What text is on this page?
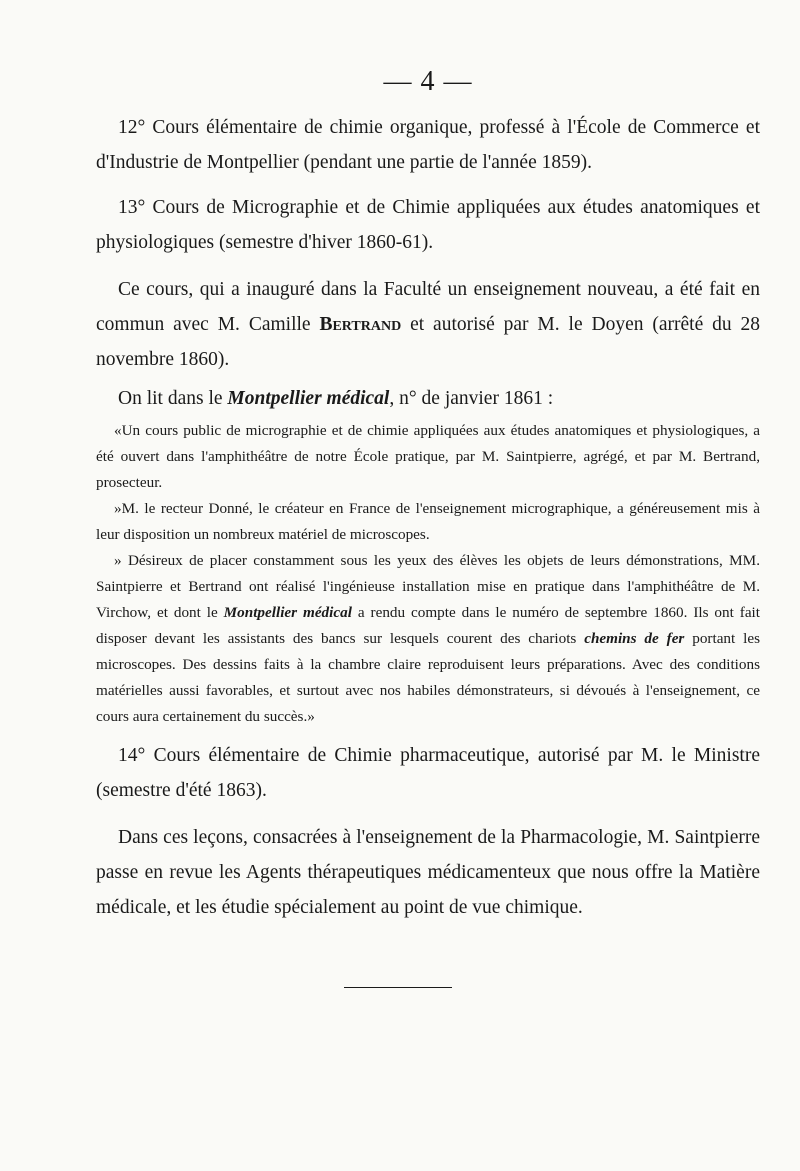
— 4 —

12° Cours élémentaire de chimie organique, professé à l'École de Commerce et d'Industrie de Montpellier (pendant une partie de l'année 1859).

13° Cours de Micrographie et de Chimie appliquées aux études anatomiques et physiologiques (semestre d'hiver 1860-61).

Ce cours, qui a inauguré dans la Faculté un enseignement nouveau, a été fait en commun avec M. Camille Bertrand et autorisé par M. le Doyen (arrêté du 28 novembre 1860).

On lit dans le Montpellier médical, n° de janvier 1861 :

«Un cours public de micrographie et de chimie appliquées aux études anatomiques et physiologiques, a été ouvert dans l'amphithéâtre de notre École pratique, par M. Saintpierre, agrégé, et par M. Bertrand, prosecteur.

»M. le recteur Donné, le créateur en France de l'enseignement micrographique, a généreusement mis à leur disposition un nombreux matériel de microscopes.

» Désireux de placer constamment sous les yeux des élèves les objets de leurs démonstrations, MM. Saintpierre et Bertrand ont réalisé l'ingénieuse installation mise en pratique dans l'amphithéâtre de M. Virchow, et dont le Montpellier médical a rendu compte dans le numéro de septembre 1860. Ils ont fait disposer devant les assistants des bancs sur lesquels courent des chariots chemins de fer portant les microscopes. Des dessins faits à la chambre claire reproduisent leurs préparations. Avec des conditions matérielles aussi favorables, et surtout avec nos habiles démonstrateurs, si dévoués à l'enseignement, ce cours aura certainement du succès.»

14° Cours élémentaire de Chimie pharmaceutique, autorisé par M. le Ministre (semestre d'été 1863).

Dans ces leçons, consacrées à l'enseignement de la Pharmacologie, M. Saintpierre passe en revue les Agents thérapeutiques médicamenteux que nous offre la Matière médicale, et les étudie spécialement au point de vue chimique.
